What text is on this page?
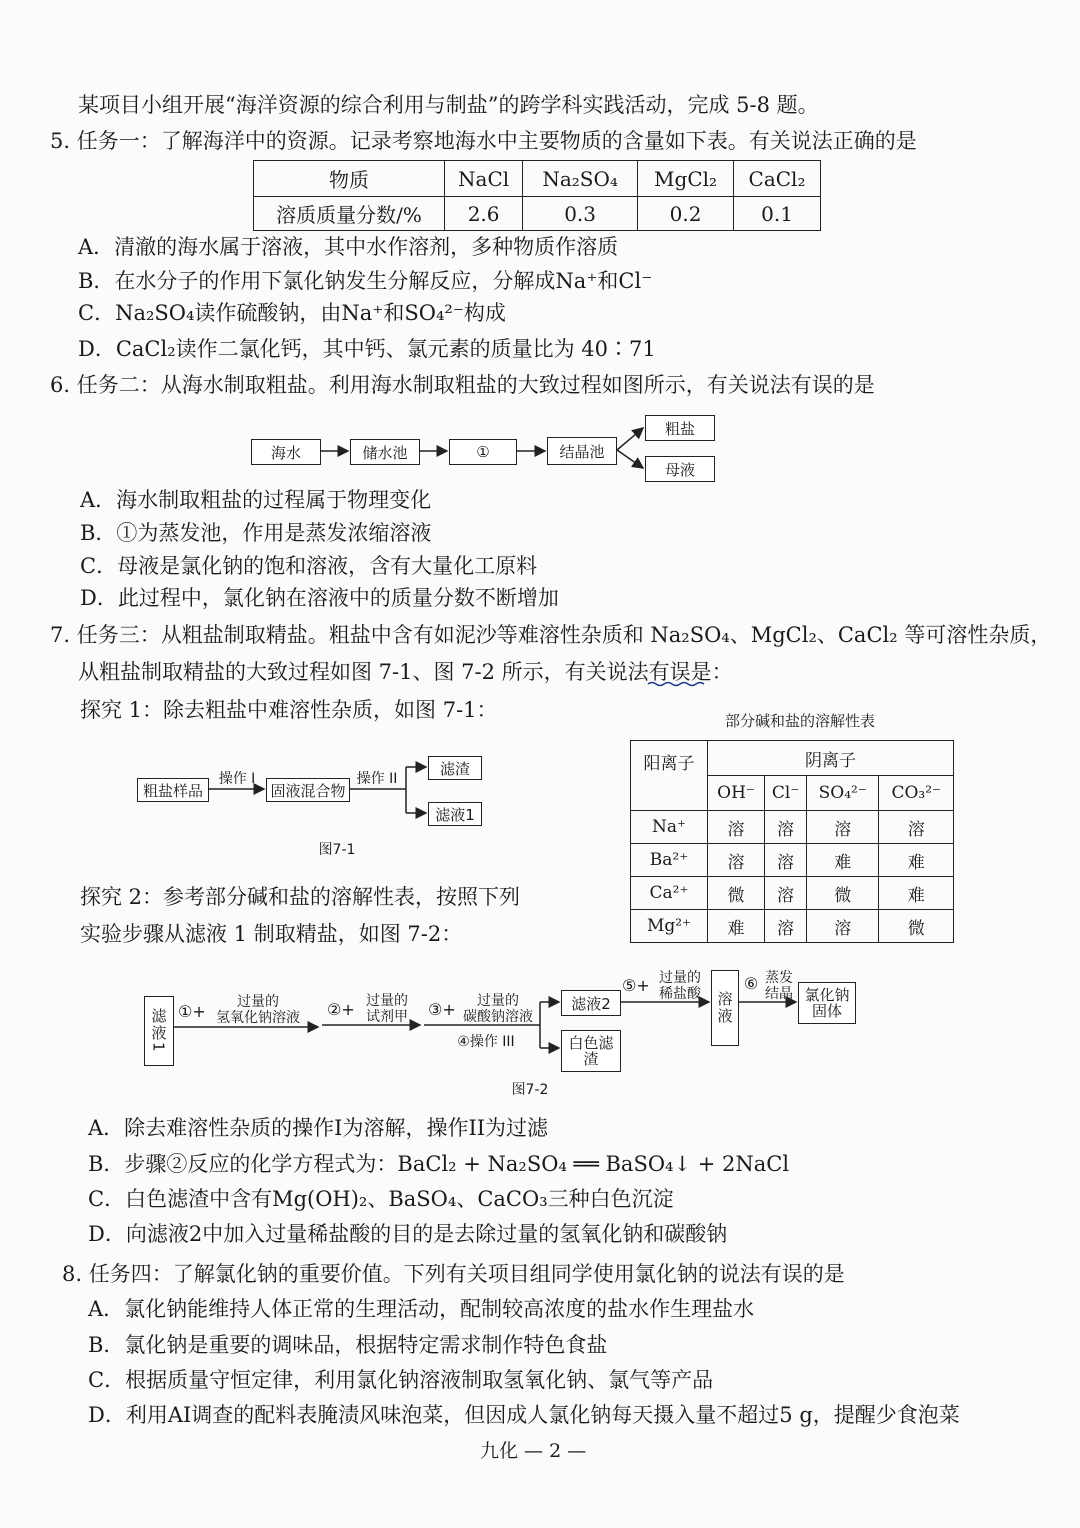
某项目小组开展“海洋资源的综合利用与制盐”的跨学科实践活动，完成 5-8 题。
5. 任务一：了解海洋中的资源。记录考察地海水中主要物质的含量如下表。有关说法正确的是
物质	NaCl	Na₂SO₄	MgCl₂	CaCl₂
溶质质量分数/%	2.6	0.3	0.2	0.1
A．清澈的海水属于溶液，其中水作溶剂，多种物质作溶质
B．在水分子的作用下氯化钠发生分解反应，分解成Na⁺和Cl⁻
C．Na₂SO₄读作硫酸钠，由Na⁺和SO₄²⁻构成
D．CaCl₂读作二氯化钙，其中钙、氯元素的质量比为 40∶71
6. 任务二：从海水制取粗盐。利用海水制取粗盐的大致过程如图所示，有关说法有误的是
海水	储水池	①	结晶池
粗盐
母液
A．海水制取粗盐的过程属于物理变化
B．①为蒸发池，作用是蒸发浓缩溶液
C．母液是氯化钠的饱和溶液，含有大量化工原料
D．此过程中，氯化钠在溶液中的质量分数不断增加
7. 任务三：从粗盐制取精盐。粗盐中含有如泥沙等难溶性杂质和 Na₂SO₄、MgCl₂、CaCl₂ 等可溶性杂质，
从粗盐制取精盐的大致过程如图 7-1、图 7-2 所示，有关说法有误是：
探究 1：除去粗盐中难溶性杂质，如图 7-1：
粗盐样品
操作 I
固液混合物
操作 II
滤渣
滤液1
图7-1
探究 2：参考部分碱和盐的溶解性表，按照下列
实验步骤从滤液 1 制取精盐，如图 7-2：
部分碱和盐的溶解性表
阳离子	阴离子			
	OH⁻	Cl⁻	SO₄²⁻	CO₃²⁻
Na⁺	溶	溶	溶	溶
Ba²⁺	溶	溶	难	难
Ca²⁺	微	溶	微	难
Mg²⁺	难	溶	溶	微
滤液1 ①+	过量的
氢氧化钠溶液	②+ 过量的
试剂甲	③+	过量的
碳酸钠溶液
④操作 III
滤液2
白色滤渣
⑤+ 过量的
稀盐酸 溶液
⑥ 蒸发
结晶 氯化钠固体
图7-2
A．除去难溶性杂质的操作I为溶解，操作II为过滤
B．步骤②反应的化学方程式为：BaCl₂ + Na₂SO₄ ══ BaSO₄↓ + 2NaCl
C．白色滤渣中含有Mg(OH)₂、BaSO₄、CaCO₃三种白色沉淀
D．向滤液2中加入过量稀盐酸的目的是去除过量的氢氧化钠和碳酸钠
8. 任务四：了解氯化钠的重要价值。下列有关项目组同学使用氯化钠的说法有误的是
A．氯化钠能维持人体正常的生理活动，配制较高浓度的盐水作生理盐水
B．氯化钠是重要的调味品，根据特定需求制作特色食盐
C．根据质量守恒定律，利用氯化钠溶液制取氢氧化钠、氯气等产品
D．利用AI调查的配料表腌渍风味泡菜，但因成人氯化钠每天摄入量不超过5 g，提醒少食泡菜
九化 — 2 —
